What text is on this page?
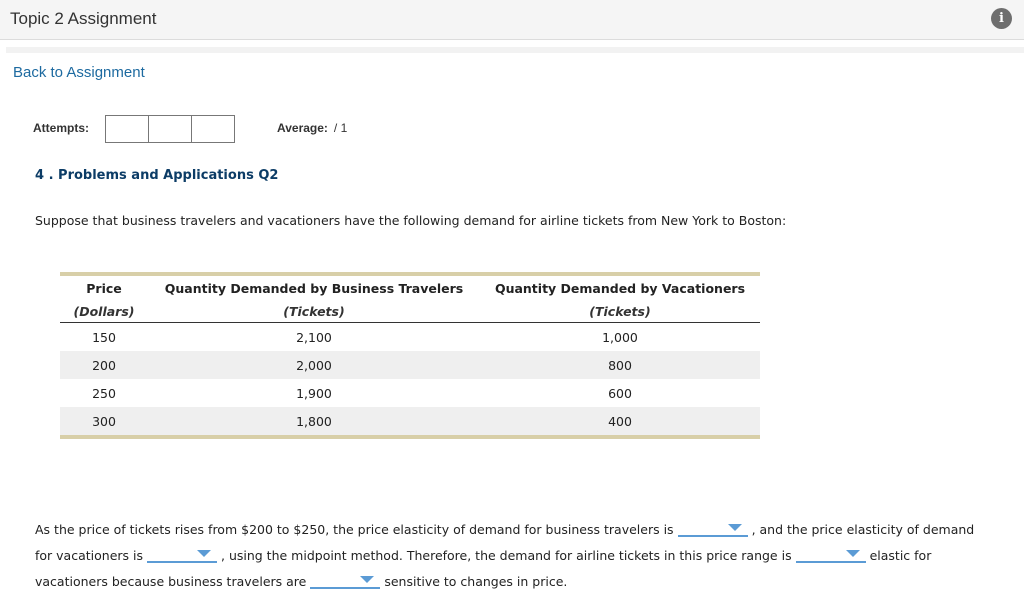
Topic 2 Assignment	i
Back to Assignment
Attempts:	Average: / 1
4 . Problems and Applications Q2
Suppose that business travelers and vacationers have the following demand for airline tickets from New York to Boston:
Price	Quantity Demanded by Business Travelers	Quantity Demanded by Vacationers
(Dollars)	(Tickets)	(Tickets)
150	2,100	1,000
200	2,000	800
250	1,900	600
300	1,800	400
As the price of tickets rises from $200 to $250, the price elasticity of demand for business travelers is	, and the price elasticity of demand
for vacationers is	, using the midpoint method. Therefore, the demand for airline tickets in this price range is	elastic for
vacationers because business travelers are	sensitive to changes in price.
